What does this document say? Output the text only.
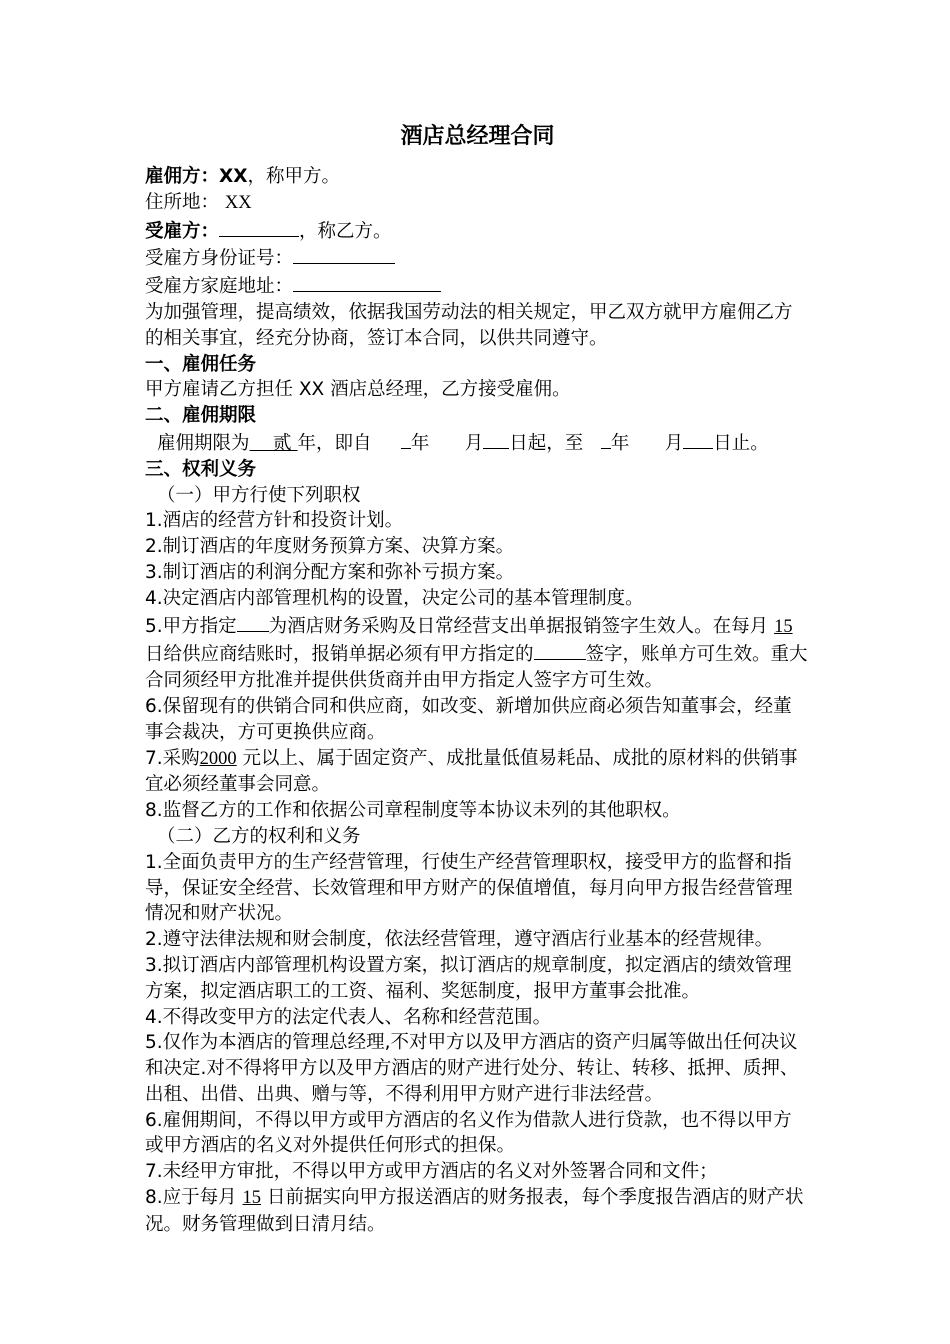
酒店总经理合同

雇佣方：XX，称甲方。

住所地： XX

受雇方：	，称乙方。

受雇方身份证号：

受雇方家庭地址：

为加强管理，提高绩效，依据我国劳动法的相关规定，甲乙双方就甲方雇佣乙方的相关事宜，经充分协商，签订本合同，以供共同遵守。

一、雇佣任务

甲方雇请乙方担任 XX 酒店总经理，乙方接受雇佣。

二、雇佣期限

雇佣期限为 贰 年，即自 年 月 日起，至 年 月 日止。

三、权利义务

（一）甲方行使下列职权

1.酒店的经营方针和投资计划。

2.制订酒店的年度财务预算方案、决算方案。

3.制订酒店的利润分配方案和弥补亏损方案。

4.决定酒店内部管理机构的设置，决定公司的基本管理制度。

5.甲方指定 为酒店财务采购及日常经营支出单据报销签字生效人。在每月 15
日给供应商结账时，报销单据必须有甲方指定的	签字，账单方可生效。重大合同须经甲方批准并提供供货商并由甲方指定人签字方可生效。

6.保留现有的供销合同和供应商，如改变、新增加供应商必须告知董事会，经董事会裁决，方可更换供应商。

7.采购2000 元以上、属于固定资产、成批量低值易耗品、成批的原材料的供销事宜必须经董事会同意。

8.监督乙方的工作和依据公司章程制度等本协议未列的其他职权。

（二）乙方的权利和义务

1.全面负责甲方的生产经营管理，行使生产经营管理职权，接受甲方的监督和指导，保证安全经营、长效管理和甲方财产的保值增值，每月向甲方报告经营管理情况和财产状况。

2.遵守法律法规和财会制度，依法经营管理，遵守酒店行业基本的经营规律。

3.拟订酒店内部管理机构设置方案，拟订酒店的规章制度，拟定酒店的绩效管理方案，拟定酒店职工的工资、福利、奖惩制度，报甲方董事会批准。

4.不得改变甲方的法定代表人、名称和经营范围。

5.仅作为本酒店的管理总经理,不对甲方以及甲方酒店的资产归属等做出任何决议和决定.对不得将甲方以及甲方酒店的财产进行处分、转让、转移、抵押、质押、出租、出借、出典、赠与等，不得利用甲方财产进行非法经营。

6.雇佣期间，不得以甲方或甲方酒店的名义作为借款人进行贷款，也不得以甲方或甲方酒店的名义对外提供任何形式的担保。

7.未经甲方审批，不得以甲方或甲方酒店的名义对外签署合同和文件；

8.应于每月 15 日前据实向甲方报送酒店的财务报表，每个季度报告酒店的财产状况。财务管理做到日清月结。
